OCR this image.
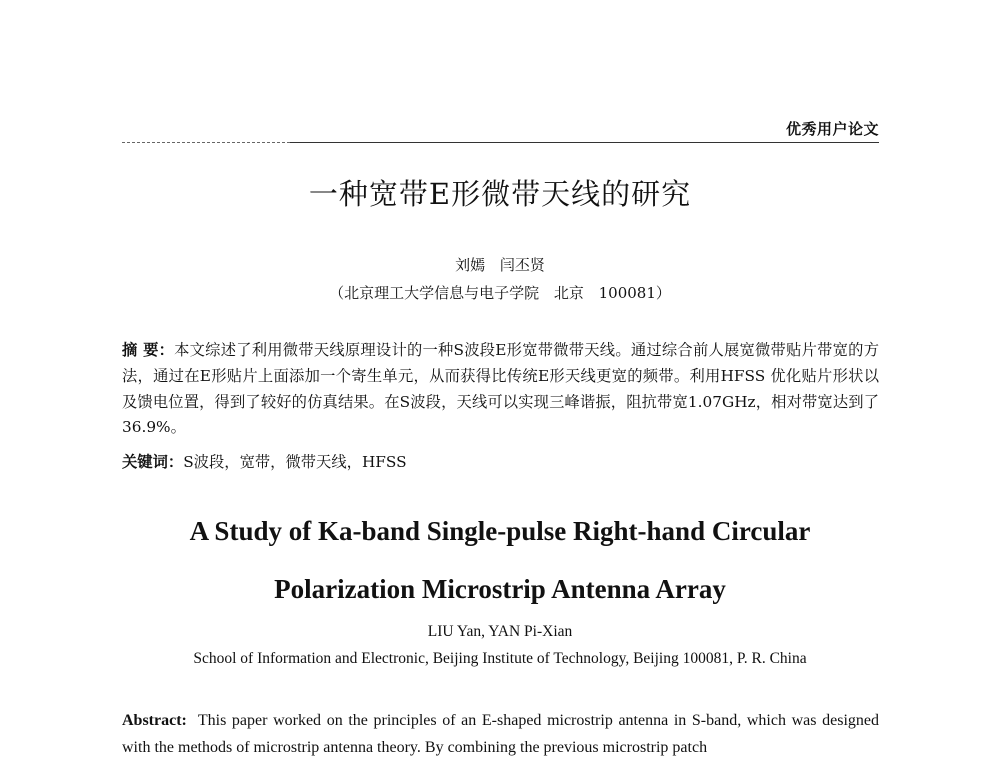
优秀用户论文
一种宽带E形微带天线的研究
刘嫣 闫丕贤
（北京理工大学信息与电子学院 北京 100081）

摘 要：本文综述了利用微带天线原理设计的一种S波段E形宽带微带天线。通过综合前人展宽微带贴片带宽的方法，通过在E形贴片上面添加一个寄生单元，从而获得比传统E形天线更宽的频带。利用HFSS 优化贴片形状以及馈电位置，得到了较好的仿真结果。在S波段，天线可以实现三峰谐振，阻抗带宽1.07GHz，相对带宽达到了36.9%。

关键词：S波段，宽带，微带天线，HFSS

A Study of Ka-band Single-pulse Right-hand Circular
Polarization Microstrip Antenna Array
LIU Yan, YAN Pi-Xian
School of Information and Electronic, Beijing Institute of Technology, Beijing 100081, P. R. China

Abstract: This paper worked on the principles of an E-shaped microstrip antenna in S-band, which was designed with the methods of microstrip antenna theory. By combining the previous microstrip patch
